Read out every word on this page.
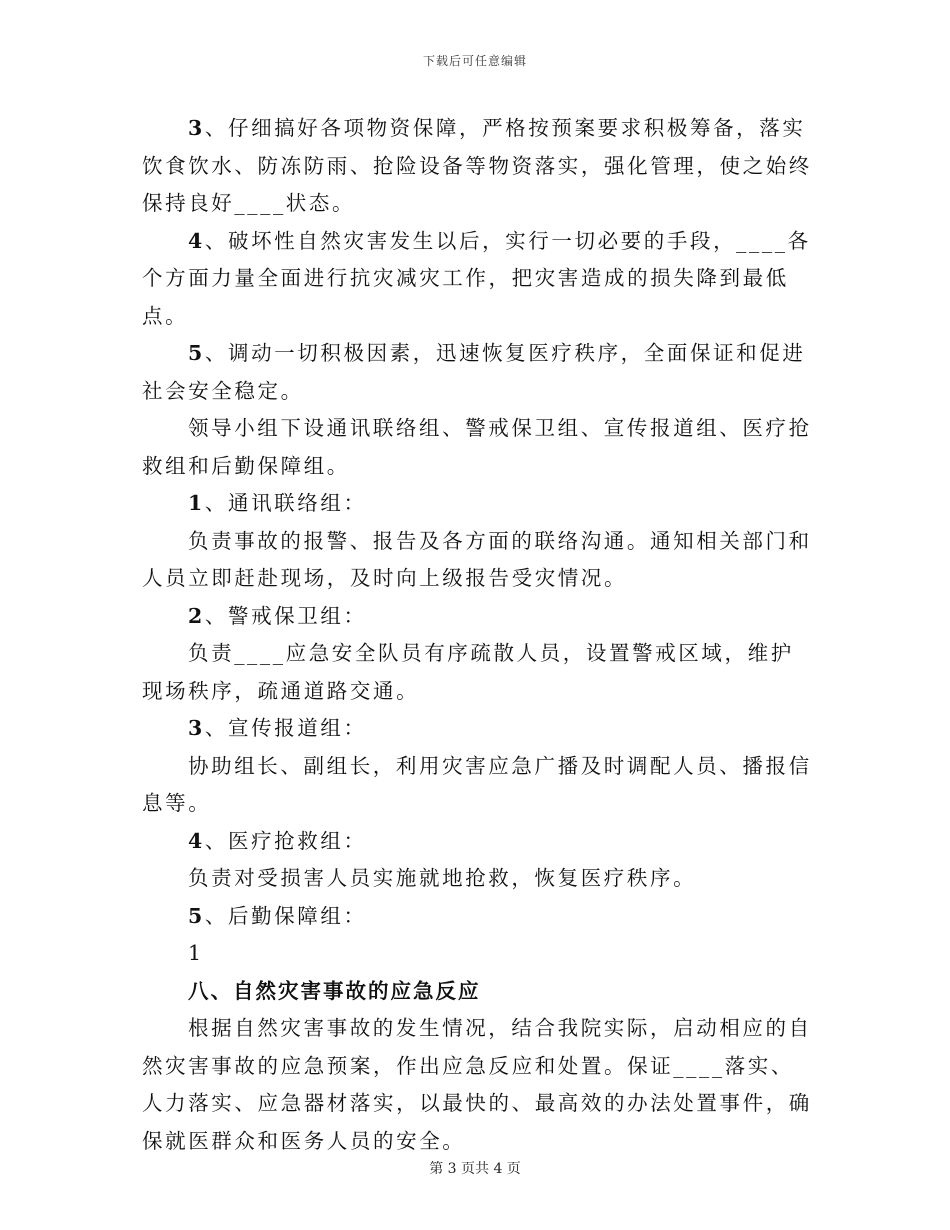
下载后可任意编辑

3、仔细搞好各项物资保障，严格按预案要求积极筹备，落实饮食饮水、防冻防雨、抢险设备等物资落实，强化管理，使之始终保持良好____状态。

4、破坏性自然灾害发生以后，实行一切必要的手段，____各个方面力量全面进行抗灾减灾工作，把灾害造成的损失降到最低点。

5、调动一切积极因素，迅速恢复医疗秩序，全面保证和促进社会安全稳定。

领导小组下设通讯联络组、警戒保卫组、宣传报道组、医疗抢救组和后勤保障组。

1、通讯联络组：

负责事故的报警、报告及各方面的联络沟通。通知相关部门和人员立即赶赴现场，及时向上级报告受灾情况。

2、警戒保卫组：

负责____应急安全队员有序疏散人员，设置警戒区域，维护现场秩序，疏通道路交通。

3、宣传报道组：

协助组长、副组长，利用灾害应急广播及时调配人员、播报信息等。

4、医疗抢救组：

负责对受损害人员实施就地抢救，恢复医疗秩序。

5、后勤保障组：

1

八、自然灾害事故的应急反应

根据自然灾害事故的发生情况，结合我院实际，启动相应的自然灾害事故的应急预案，作出应急反应和处置。保证____落实、人力落实、应急器材落实，以最快的、最高效的办法处置事件，确保就医群众和医务人员的安全。

第 3 页共 4 页
